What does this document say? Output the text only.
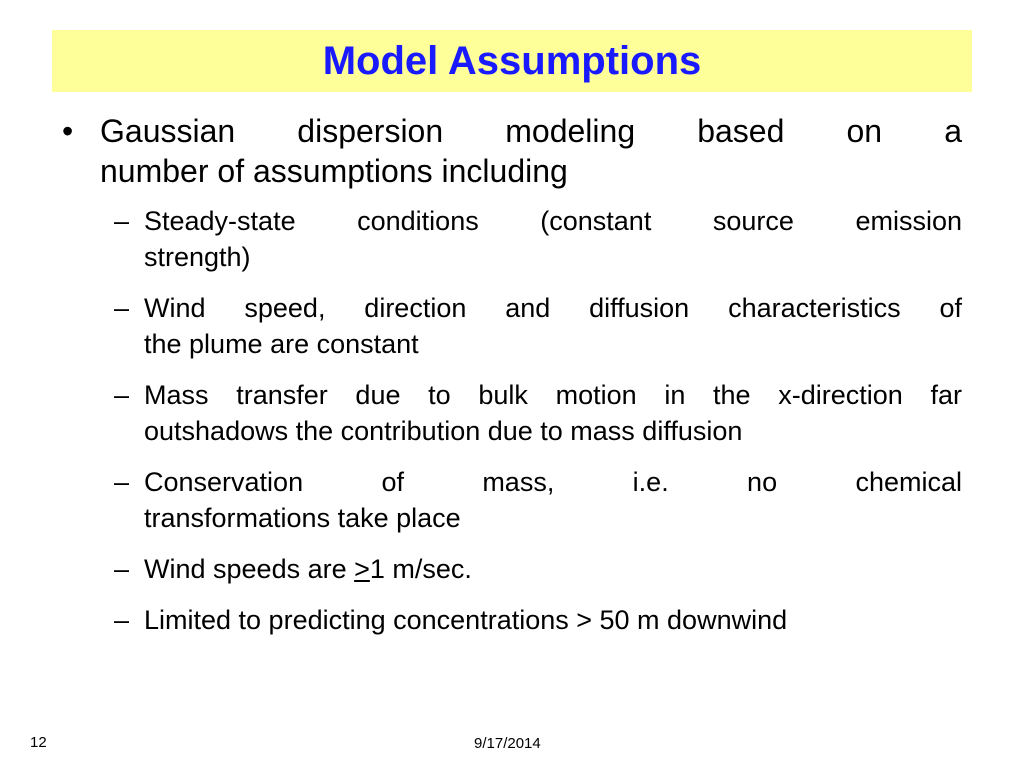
Model Assumptions
• Gaussian dispersion modeling based on a
number of assumptions including
– Steady-state conditions (constant source emission
strength)
– Wind speed, direction and diffusion characteristics of
the plume are constant
– Mass transfer due to bulk motion in the x-direction far
outshadows the contribution due to mass diffusion
– Conservation of mass, i.e. no chemical
transformations take place
– Wind speeds are ≥1 m/sec.
– Limited to predicting concentrations > 50 m downwind
12	9/17/2014
